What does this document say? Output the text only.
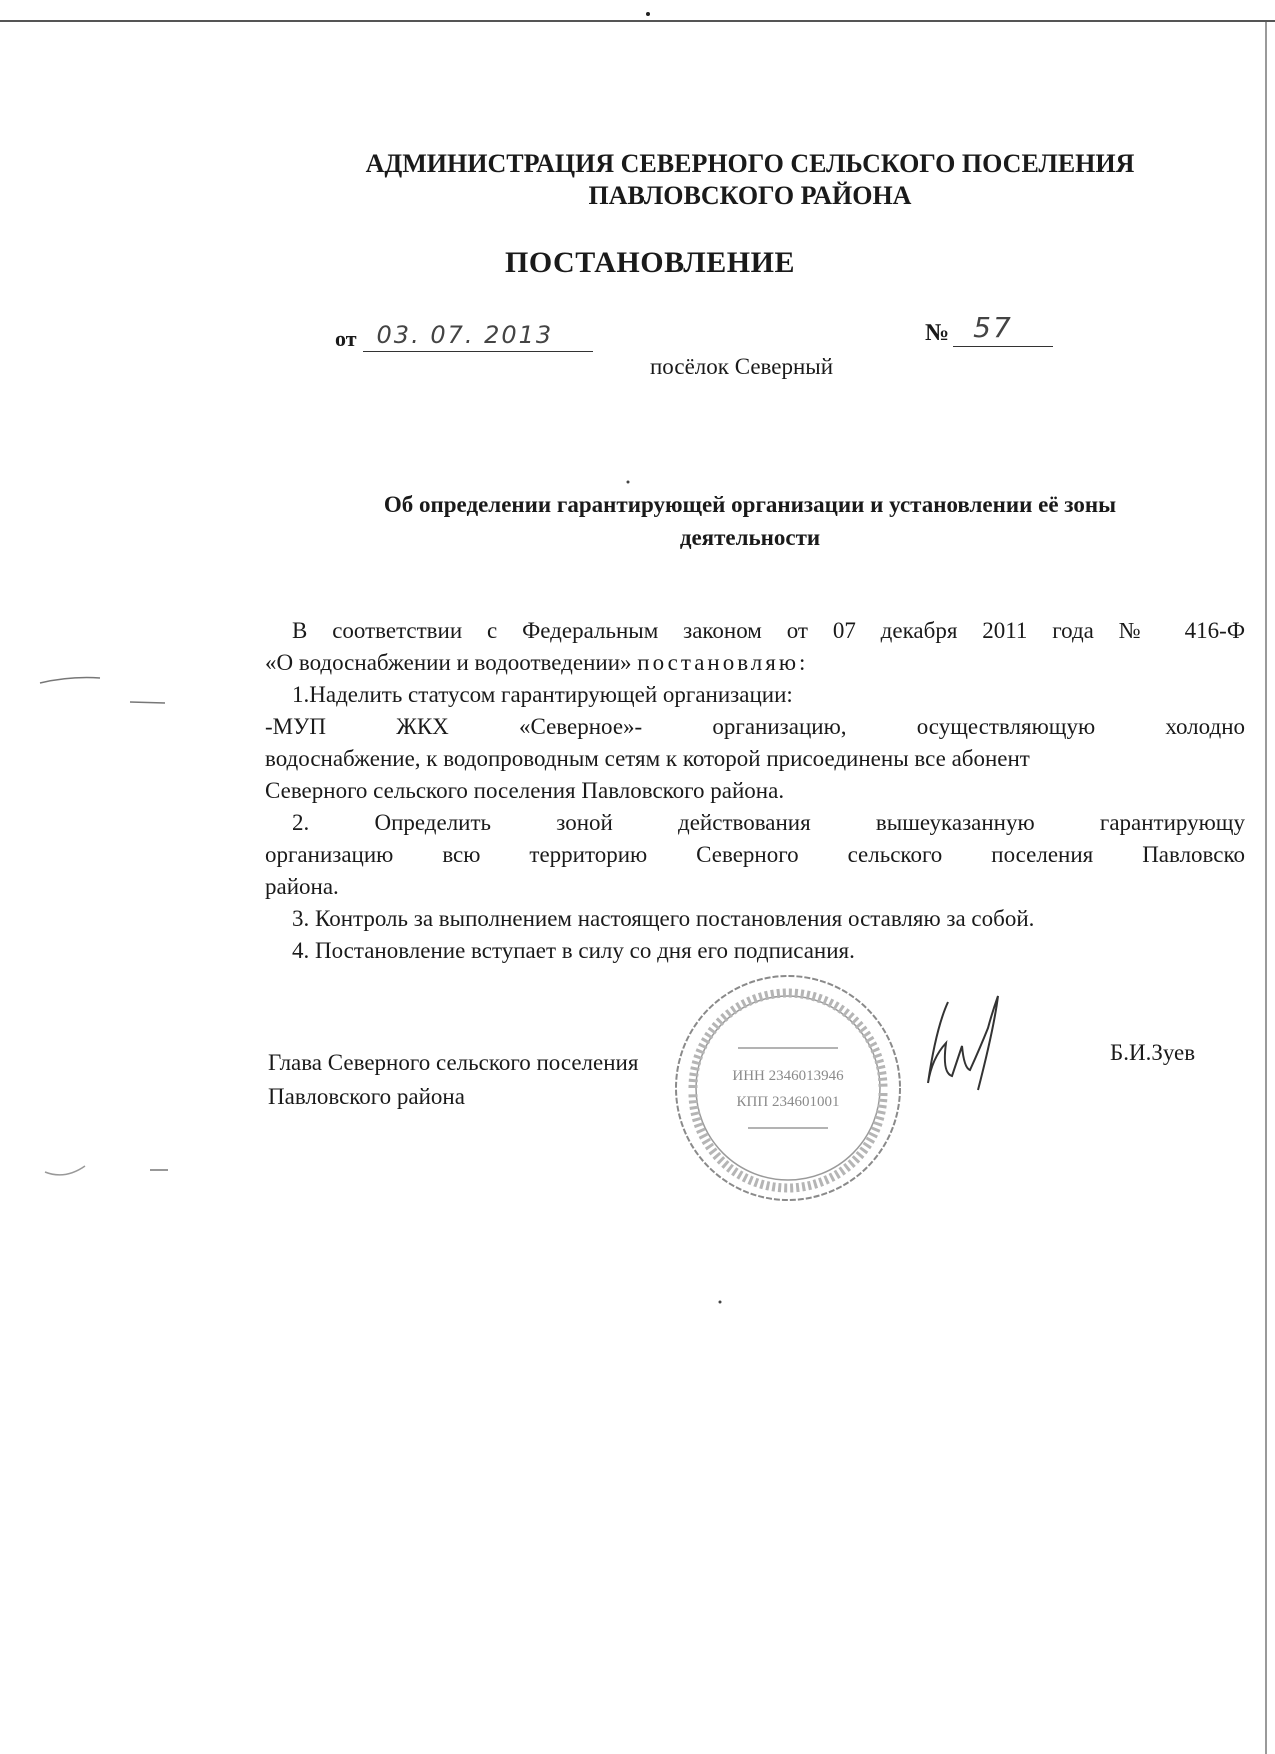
АДМИНИСТРАЦИЯ СЕВЕРНОГО СЕЛЬСКОГО ПОСЕЛЕНИЯ
ПАВЛОВСКОГО РАЙОНА
ПОСТАНОВЛЕНИЕ
от 03. 07. 2013	№ 57
посёлок Северный
Об определении гарантирующей организации и установлении её зоны
деятельности

В соответствии с Федеральным законом от 07 декабря 2011 года № 416-Ф

«О водоснабжении и водоотведении» постановляю:

1.Наделить статусом гарантирующей организации:

-МУП ЖКХ «Северное»- организацию, осуществляющую холодно

водоснабжение, к водопроводным сетям к которой присоединены все абонент

Северного сельского поселения Павловского района.

2. Определить зоной действования вышеуказанную гарантирующу

организацию всю территорию Северного сельского поселения Павловско

района.

3. Контроль за выполнением настоящего постановления оставляю за собой.

4. Постановление вступает в силу со дня его подписания.

Глава Северного сельского поселения
Павловского района
Б.И.Зуев
ИНН 2346013946
КПП 234601001
